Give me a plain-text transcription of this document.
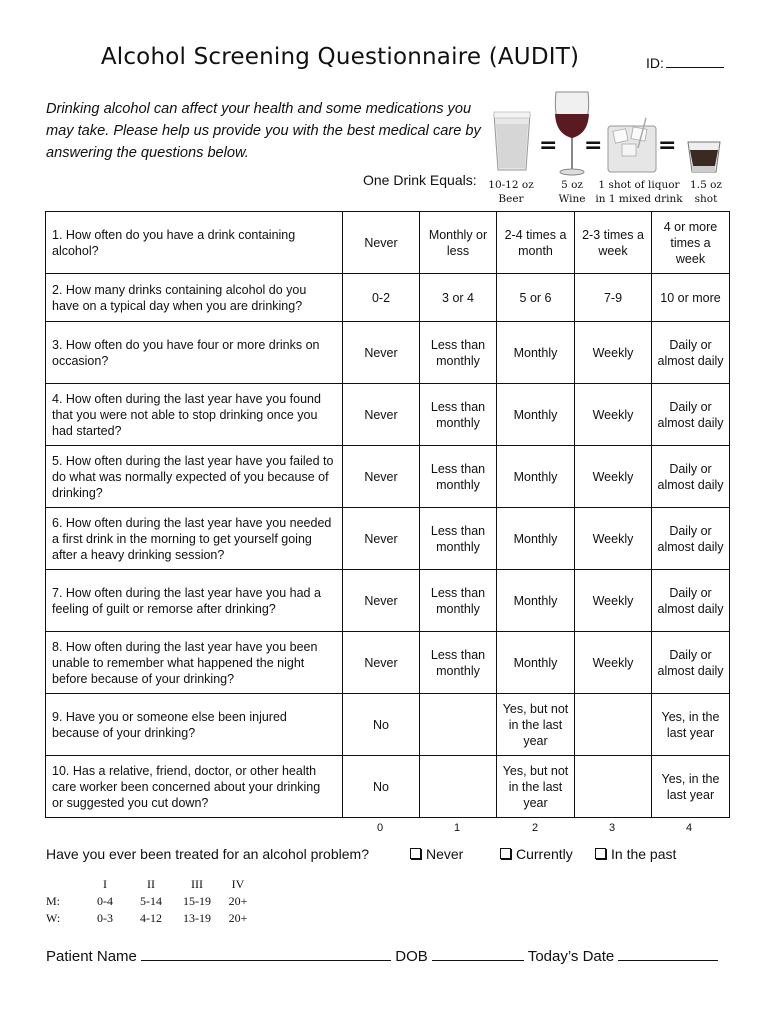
Alcohol Screening Questionnaire (AUDIT)	ID:
Drinking alcohol can affect your health and some medications you may take. Please help us provide you with the best medical care by answering the questions below.
One Drink Equals:
= =	=
10-12 oz
Beer
5 oz
Wine
1 shot of liquor
in 1 mixed drink
1.5 oz
shot
1. How often do you have a drink containing alcohol?	Never	Monthly or less	2-4 times a month	2-3 times a week	4 or more times a week
2. How many drinks containing alcohol do you have on a typical day when you are drinking?	0-2	3 or 4	5 or 6	7-9	10 or more
3. How often do you have four or more drinks on occasion?	Never	Less than monthly	Monthly	Weekly	Daily or almost daily
4. How often during the last year have you found that you were not able to stop drinking once you had started?	Never	Less than monthly	Monthly	Weekly	Daily or almost daily
5. How often during the last year have you failed to do what was normally expected of you because of drinking?	Never	Less than monthly	Monthly	Weekly	Daily or almost daily
6. How often during the last year have you needed a first drink in the morning to get yourself going after a heavy drinking session?	Never	Less than monthly	Monthly	Weekly	Daily or almost daily
7. How often during the last year have you had a feeling of guilt or remorse after drinking?	Never	Less than monthly	Monthly	Weekly	Daily or almost daily
8. How often during the last year have you been unable to remember what happened the night before because of your drinking?	Never	Less than monthly	Monthly	Weekly	Daily or almost daily
9. Have you or someone else been injured because of your drinking?	No		Yes, but not in the last year		Yes, in the last year
10. Has a relative, friend, doctor, or other health care worker been concerned about your drinking or suggested you cut down?	No		Yes, but not in the last year		Yes, in the last year
0	1	2	3	4
Have you ever been treated for an alcohol problem?	Never	Currently	In the past
	I	II	III	IV
M:	0-4	5-14	15-19	20+
W:	0-3	4-12	13-19	20+
Patient Name	DOB	Today’s Date
